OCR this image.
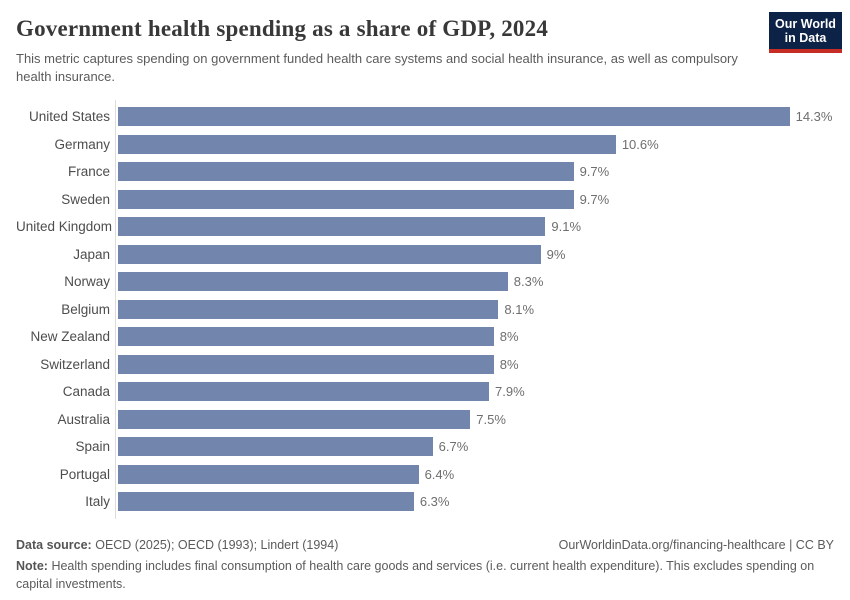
Government health spending as a share of GDP, 2024
This metric captures spending on government funded health care systems and social health insurance, as well as compulsory health insurance.
Our World
in Data
United States	14.3%
Germany	10.6%
France	9.7%
Sweden	9.7%
United Kingdom	9.1%
Japan	9%
Norway	8.3%
Belgium	8.1%
New Zealand	8%
Switzerland	8%
Canada	7.9%
Australia	7.5%
Spain	6.7%
Portugal	6.4%
Italy	6.3%
Data source: OECD (2025); OECD (1993); Lindert (1994)	OurWorldinData.org/financing-healthcare | CC BY
Note: Health spending includes final consumption of health care goods and services (i.e. current health expenditure). This excludes spending on capital investments.
